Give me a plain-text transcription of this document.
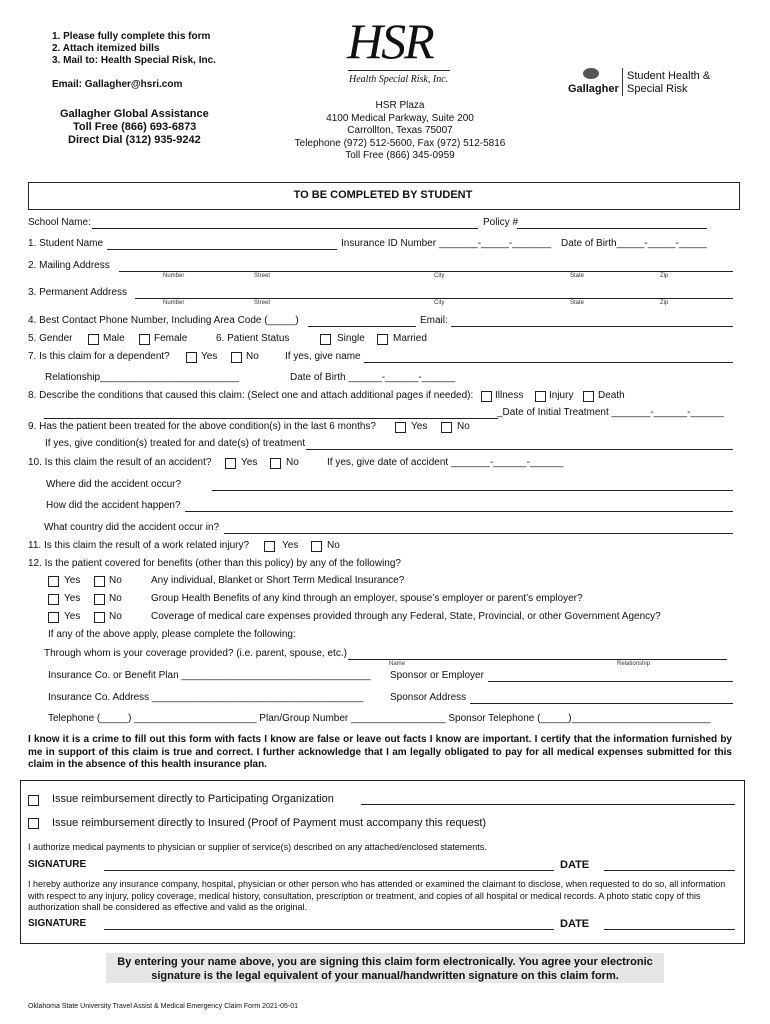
1. Please fully complete this form
2. Attach itemized bills
3. Mail to: Health Special Risk, Inc.
Email: Gallagher@hsri.com
Gallagher Global Assistance
Toll Free (866) 693-6873
Direct Dial (312) 935-9242
HSR
Health Special Risk, Inc.
HSR Plaza
4100 Medical Parkway, Suite 200
Carrollton, Texas 75007
Telephone (972) 512-5600, Fax (972) 512-5816
Toll Free (866) 345-0959
Gallagher
Student Health &
Special Risk
TO BE COMPLETED BY STUDENT
School Name:	Policy #
1. Student Name	Insurance ID Number _______-_____-_______ Date of Birth_____-_____-_____
2. Mailing Address
Number	Street	City	State	Zip
3. Permanent Address
Number	Street	City	State	Zip
4. Best Contact Phone Number, Including Area Code (_____)	Email:
5. Gender	Male	Female	6. Patient Status	Single	Married
7. Is this claim for a dependent?	Yes	No	If yes, give name
Relationship_________________________	Date of Birth ______-______-______
8. Describe the conditions that caused this claim: (Select one and attach additional pages if needed): Illness	Injury Death
_Date of Initial Treatment _______-______-______
9. Has the patient been treated for the above condition(s) in the last 6 months?	Yes	No
If yes, give condition(s) treated for and date(s) of treatment
10. Is this claim the result of an accident?	Yes	No	If yes, give date of accident _______-______-______
Where did the accident occur?
How did the accident happen?
What country did the accident occur in?
11. Is this claim the result of a work related injury?	Yes	No
12. Is the patient covered for benefits (other than this policy) by any of the following?
Yes	No	Any individual, Blanket or Short Term Medical Insurance?
Yes	No	Group Health Benefits of any kind through an employer, spouse’s employer or parent’s employer?
Yes	No	Coverage of medical care expenses provided through any Federal, State, Provincial, or other Government Agency?
If any of the above apply, please complete the following:
Through whom is your coverage provided? (i.e. parent, spouse, etc.)
Name	Relationship
Insurance Co. or Benefit Plan __________________________________ Sponsor or Employer
Insurance Co. Address ______________________________________	Sponsor Address
Telephone (_____) ______________________ Plan/Group Number _________________ Sponsor Telephone (_____)_________________________
I know it is a crime to fill out this form with facts I know are false or leave out facts I know are important. I certify that the information furnished by me in support of this claim is true and correct. I further acknowledge that I am legally obligated to pay for all medical expenses submitted for this claim in the absence of this health insurance plan.
Issue reimbursement directly to Participating Organization
Issue reimbursement directly to Insured (Proof of Payment must accompany this request)
I authorize medical payments to physician or supplier of service(s) described on any attached/enclosed statements.
SIGNATURE	DATE
I hereby authorize any insurance company, hospital, physician or other person who has attended or examined the claimant to disclose, when requested to do so, all information with respect to any injury, policy coverage, medical history, consultation, prescription or treatment, and copies of all hospital or medical records. A photo static copy of this authorization shall be considered as effective and valid as the original.
SIGNATURE	DATE
By entering your name above, you are signing this claim form electronically. You agree your electronic
signature is the legal equivalent of your manual/handwritten signature on this claim form.
Oklahoma State University Travel Assist & Medical Emergency Claim Form 2021-05-01
